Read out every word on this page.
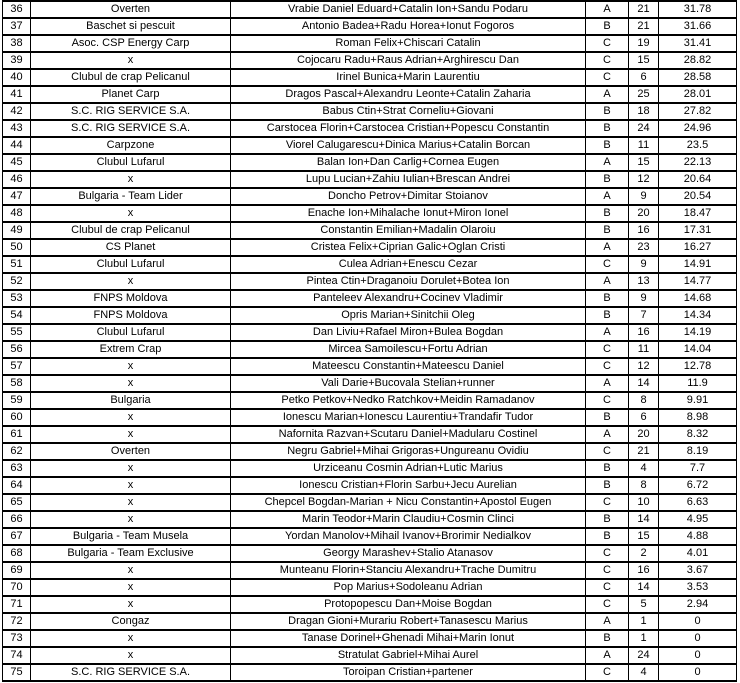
36	Overten	Vrabie Daniel Eduard+Catalin Ion+Sandu Podaru	A	21	31.78
37	Baschet si pescuit	Antonio Badea+Radu Horea+Ionut Fogoros	B	21	31.66
38	Asoc. CSP Energy Carp	Roman Felix+Chiscari Catalin	C	19	31.41
39	x	Cojocaru Radu+Raus Adrian+Arghirescu Dan	C	15	28.82
40	Clubul de crap Pelicanul	Irinel Bunica+Marin Laurentiu	C	6	28.58
41	Planet Carp	Dragos Pascal+Alexandru Leonte+Catalin Zaharia	A	25	28.01
42	S.C. RIG SERVICE S.A.	Babus Ctin+Strat Corneliu+Giovani	B	18	27.82
43	S.C. RIG SERVICE S.A.	Carstocea Florin+Carstocea Cristian+Popescu Constantin	B	24	24.96
44	Carpzone	Viorel Calugarescu+Dinica Marius+Catalin Borcan	B	11	23.5
45	Clubul Lufarul	Balan Ion+Dan Carlig+Cornea Eugen	A	15	22.13
46	x	Lupu Lucian+Zahiu Iulian+Brescan Andrei	B	12	20.64
47	Bulgaria - Team Lider	Doncho Petrov+Dimitar Stoianov	A	9	20.54
48	x	Enache Ion+Mihalache Ionut+Miron Ionel	B	20	18.47
49	Clubul de crap Pelicanul	Constantin Emilian+Madalin Olaroiu	B	16	17.31
50	CS Planet	Cristea Felix+Ciprian Galic+Oglan Cristi	A	23	16.27
51	Clubul Lufarul	Culea Adrian+Enescu Cezar	C	9	14.91
52	x	Pintea Ctin+Draganoiu Dorulet+Botea Ion	A	13	14.77
53	FNPS Moldova	Panteleev Alexandru+Cocinev Vladimir	B	9	14.68
54	FNPS Moldova	Opris Marian+Sinitchii Oleg	B	7	14.34
55	Clubul Lufarul	Dan Liviu+Rafael Miron+Bulea Bogdan	A	16	14.19
56	Extrem Crap	Mircea Samoilescu+Fortu Adrian	C	11	14.04
57	x	Mateescu Constantin+Mateescu Daniel	C	12	12.78
58	x	Vali Darie+Bucovala Stelian+runner	A	14	11.9
59	Bulgaria	Petko Petkov+Nedko Ratchkov+Meidin Ramadanov	C	8	9.91
60	x	Ionescu Marian+Ionescu Laurentiu+Trandafir Tudor	B	6	8.98
61	x	Nafornita Razvan+Scutaru Daniel+Madularu Costinel	A	20	8.32
62	Overten	Negru Gabriel+Mihai Grigoras+Ungureanu Ovidiu	C	21	8.19
63	x	Urziceanu Cosmin Adrian+Lutic Marius	B	4	7.7
64	x	Ionescu Cristian+Florin Sarbu+Jecu Aurelian	B	8	6.72
65	x	Chepcel Bogdan-Marian + Nicu Constantin+Apostol Eugen	C	10	6.63
66	x	Marin Teodor+Marin Claudiu+Cosmin Clinci	B	14	4.95
67	Bulgaria - Team Musela	Yordan Manolov+Mihail Ivanov+Brorimir Nedialkov	B	15	4.88
68	Bulgaria - Team Exclusive	Georgy Marashev+Stalio Atanasov	C	2	4.01
69	x	Munteanu Florin+Stanciu Alexandru+Trache Dumitru	C	16	3.67
70	x	Pop Marius+Sodoleanu Adrian	C	14	3.53
71	x	Protopopescu Dan+Moise Bogdan	C	5	2.94
72	Congaz	Dragan Gioni+Murariu Robert+Tanasescu Marius	A	1	0
73	x	Tanase Dorinel+Ghenadi Mihai+Marin Ionut	B	1	0
74	x	Stratulat Gabriel+Mihai Aurel	A	24	0
75	S.C. RIG SERVICE S.A.	Toroipan Cristian+partener	C	4	0
